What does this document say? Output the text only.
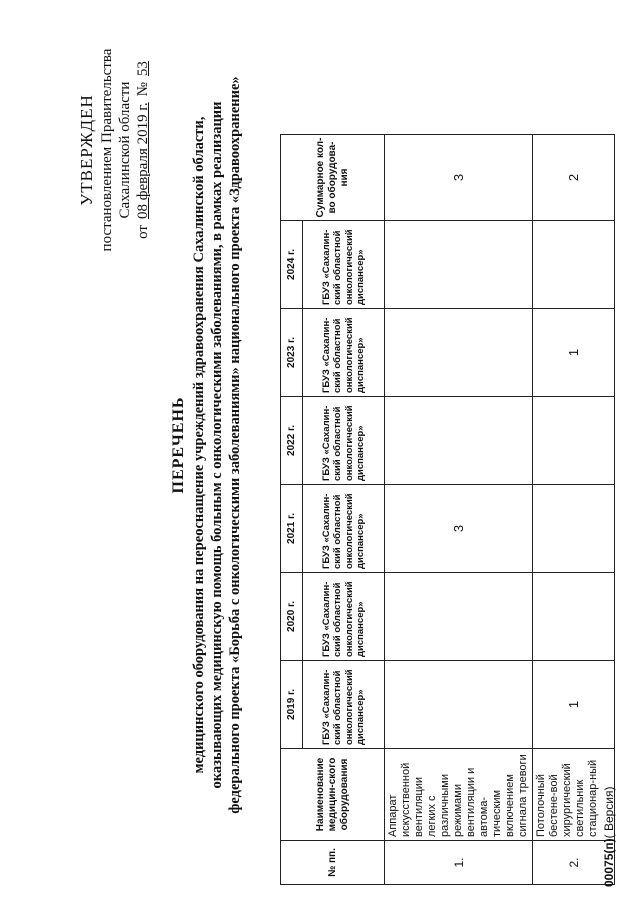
УТВЕРЖДЕН постановлением Правительства Сахалинской области
от
08 февраля 2019 г.
№
53
ПЕРЕЧЕНЬ медицинского оборудования на переоснащение учреждений здравоохранения Сахалинской области, оказывающих медицинскую помощь больным с онкологическими заболеваниями, в рамках реализации федерального проекта «Борьба с онкологическими заболеваниями» национального проекта «Здравоохранение»
№ пп.	Наименование медицин-ского оборудования	2019 г.	2020 г.	2021 г.	2022 г.	2023 г.	2024 г.	Суммарное кол-во оборудова-ния
		ГБУЗ «Сахалин-ский областной онкологический диспансер»	ГБУЗ «Сахалин-ский областной онкологический диспансер»	ГБУЗ «Сахалин-ский областной онкологический диспансер»	ГБУЗ «Сахалин-ский областной онкологический диспансер»	ГБУЗ «Сахалин-ский областной онкологический диспансер»	ГБУЗ «Сахалин-ский областной онкологический диспансер»	
1.	Аппарат искусственной вентиляции легких с различными режимами вентиляции и автома-тическим включением сигнала тревоги			3				3
2.	Потолочный бестене-вой хирургический светильник стационар-ный	1				1		2
00075(п)( Версия)
